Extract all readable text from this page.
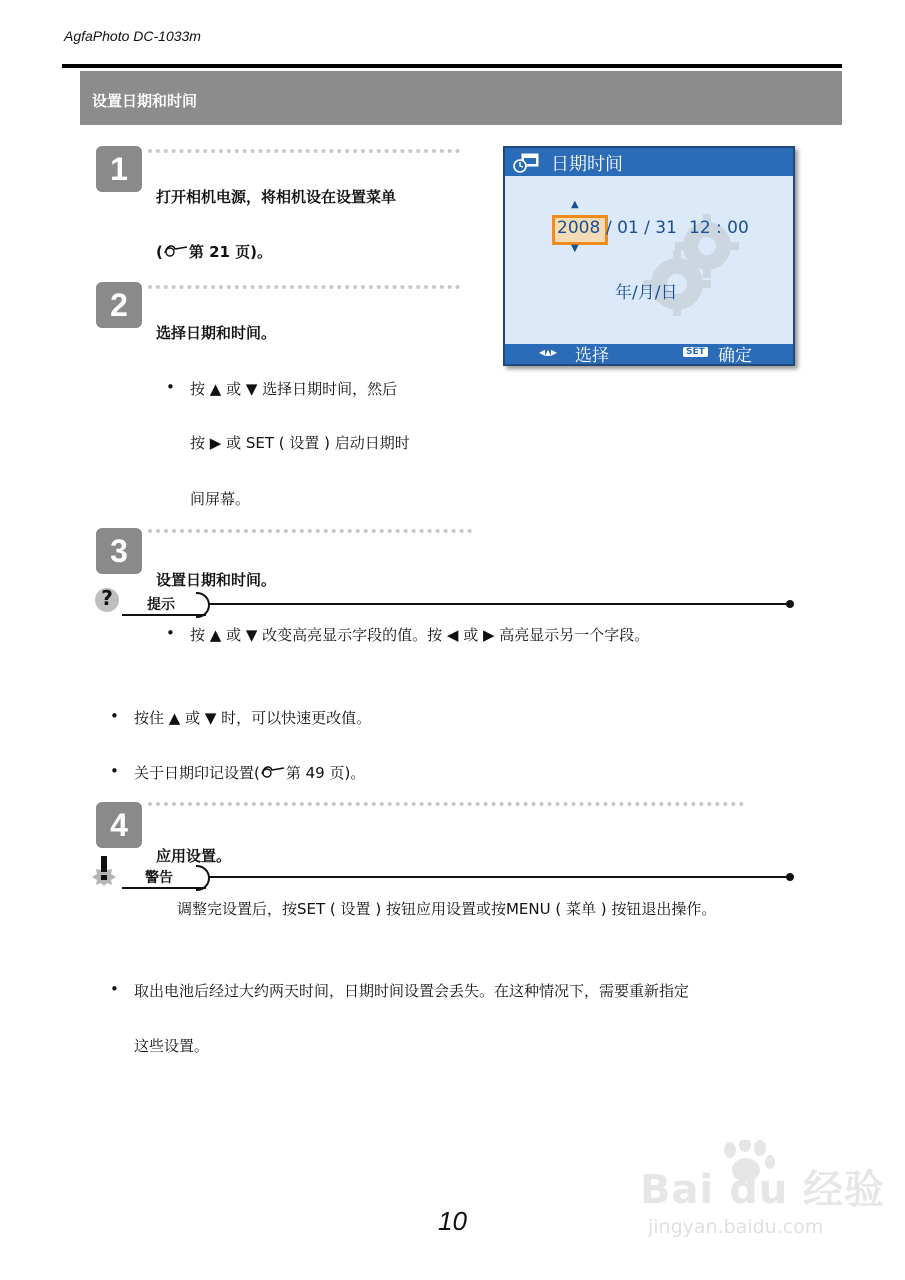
AgfaPhoto DC-1033m
设置日期和时间
1
打开相机电源，将相机设在设置菜单
( 第 21 页)。
2
选择日期和时间。
• 按 ▲ 或 ▼ 选择日期时间，然后
按 ▶ 或 SET ( 设置 ) 启动日期时
间屏幕。
日期时间
▲
2008 / 01 / 31 12 : 00
▼
年/月/日
◂▴▸ 选择	SET 确定
3
设置日期和时间。
?	提示
• 按 ▲ 或 ▼ 改变高亮显示字段的值。按 ◀ 或 ▶ 高亮显示另一个字段。
• 按住 ▲ 或 ▼ 时，可以快速更改值。
• 关于日期印记设置( 第 49 页)。
4
应用设置。
警告
调整完设置后，按SET ( 设置 ) 按钮应用设置或按MENU ( 菜单 ) 按钮退出操作。
• 取出电池后经过大约两天时间，日期时间设置会丢失。在这种情况下，需要重新指定
这些设置。
10
Bai du 经验
jingyan.baidu.com
